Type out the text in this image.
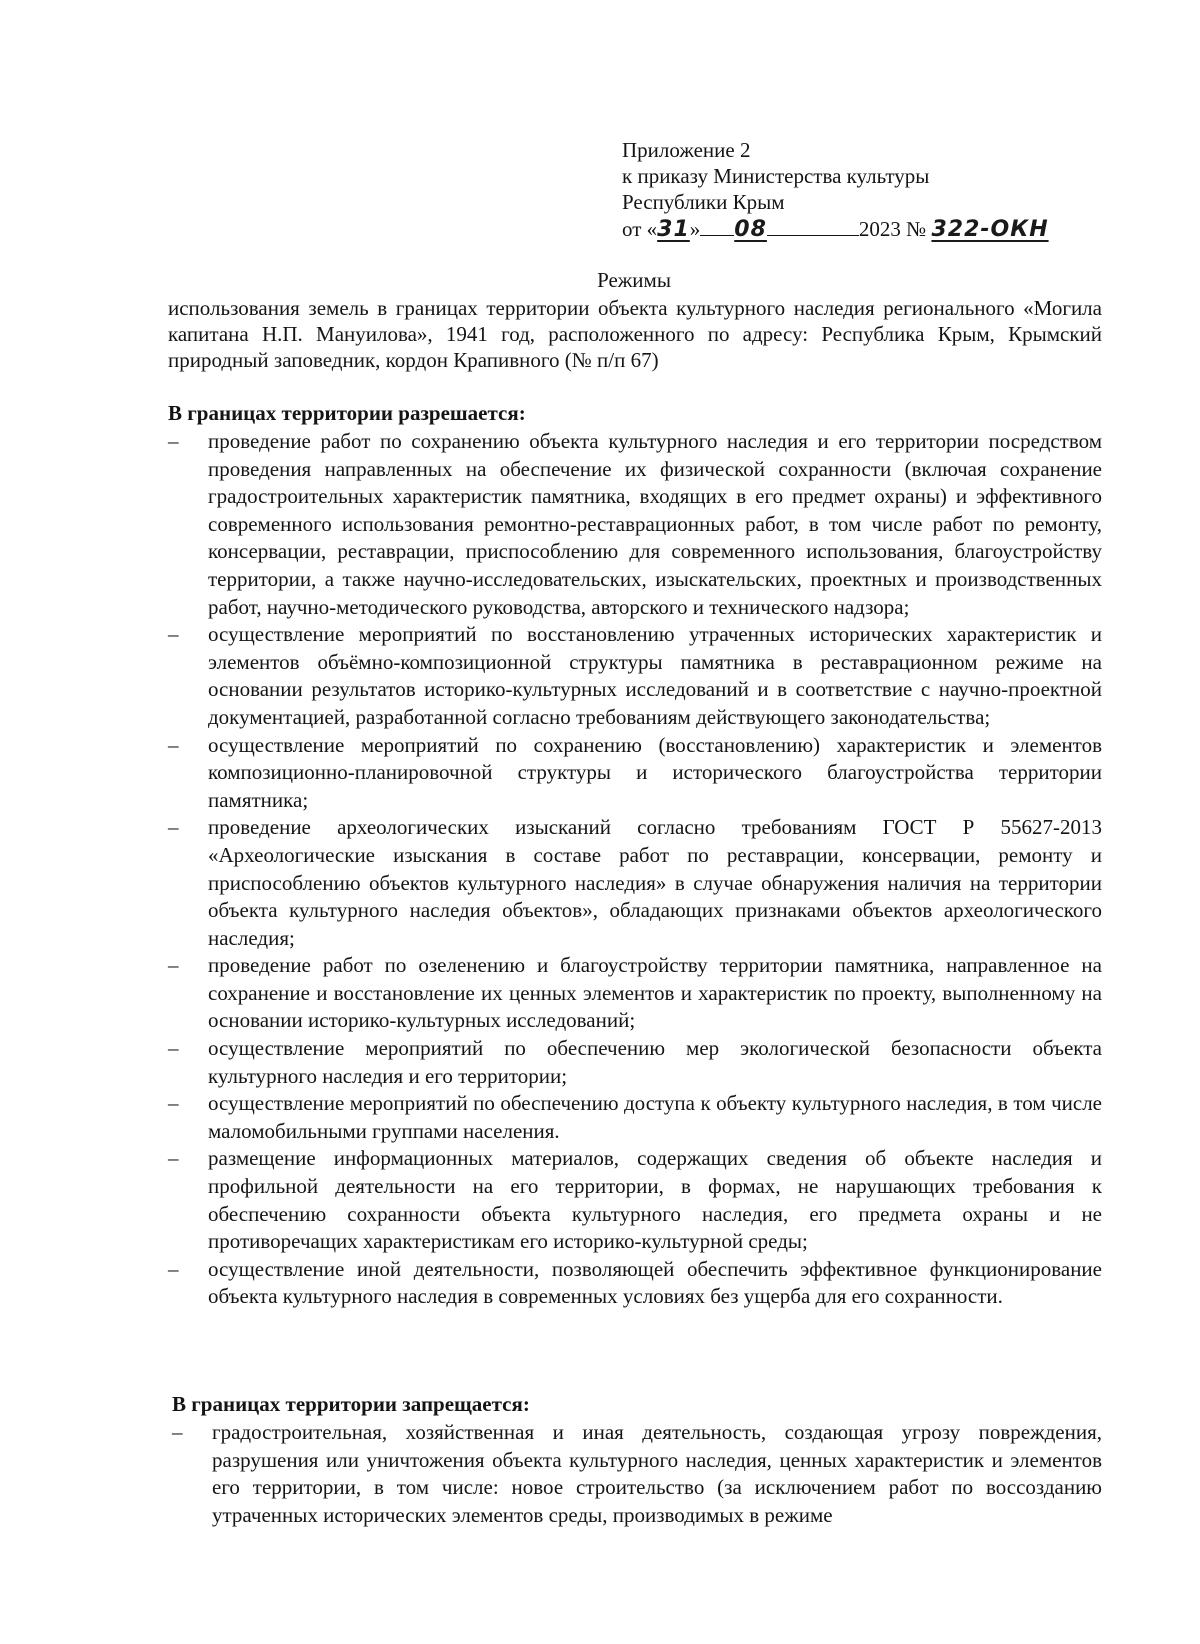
Приложение 2
к приказу Министерства культуры
Республики Крым
от «31» 08	2023 № 322-ОКН
Режимы
использования земель в границах территории объекта культурного наследия регионального «Могила капитана Н.П. Мануилова», 1941 год, расположенного по адресу: Республика Крым, Крымский природный заповедник, кордон Крапивного (№ п/п 67)
В границах территории разрешается:
– проведение работ по сохранению объекта культурного наследия и его территории посредством проведения направленных на обеспечение их физической сохранности (включая сохранение градостроительных характеристик памятника, входящих в его предмет охраны) и эффективного современного использования ремонтно-реставрационных работ, в том числе работ по ремонту, консервации, реставрации, приспособлению для современного использования, благоустройству территории, а также научно-исследовательских, изыскательских, проектных и производственных работ, научно-методического руководства, авторского и технического надзора;
– осуществление мероприятий по восстановлению утраченных исторических характеристик и элементов объёмно-композиционной структуры памятника в реставрационном режиме на основании результатов историко-культурных исследований и в соответствие с научно-проектной документацией, разработанной согласно требованиям действующего законодательства;
– осуществление мероприятий по сохранению (восстановлению) характеристик и элементов композиционно-планировочной структуры и исторического благоустройства территории памятника;
– проведение археологических изысканий согласно требованиям ГОСТ Р 55627-2013 «Археологические изыскания в составе работ по реставрации, консервации, ремонту и приспособлению объектов культурного наследия» в случае обнаружения наличия на территории объекта культурного наследия объектов», обладающих признаками объектов археологического наследия;
– проведение работ по озеленению и благоустройству территории памятника, направленное на сохранение и восстановление их ценных элементов и характеристик по проекту, выполненному на основании историко-культурных исследований;
– осуществление мероприятий по обеспечению мер экологической безопасности объекта культурного наследия и его территории;
– осуществление мероприятий по обеспечению доступа к объекту культурного наследия, в том числе маломобильными группами населения.
– размещение информационных материалов, содержащих сведения об объекте наследия и профильной деятельности на его территории, в формах, не нарушающих требования к обеспечению сохранности объекта культурного наследия, его предмета охраны и не противоречащих характеристикам его историко-культурной среды;
– осуществление иной деятельности, позволяющей обеспечить эффективное функционирование объекта культурного наследия в современных условиях без ущерба для его сохранности.
В границах территории запрещается:
– градостроительная, хозяйственная и иная деятельность, создающая угрозу повреждения, разрушения или уничтожения объекта культурного наследия, ценных характеристик и элементов его территории, в том числе: новое строительство (за исключением работ по воссозданию утраченных исторических элементов среды, производимых в режиме
